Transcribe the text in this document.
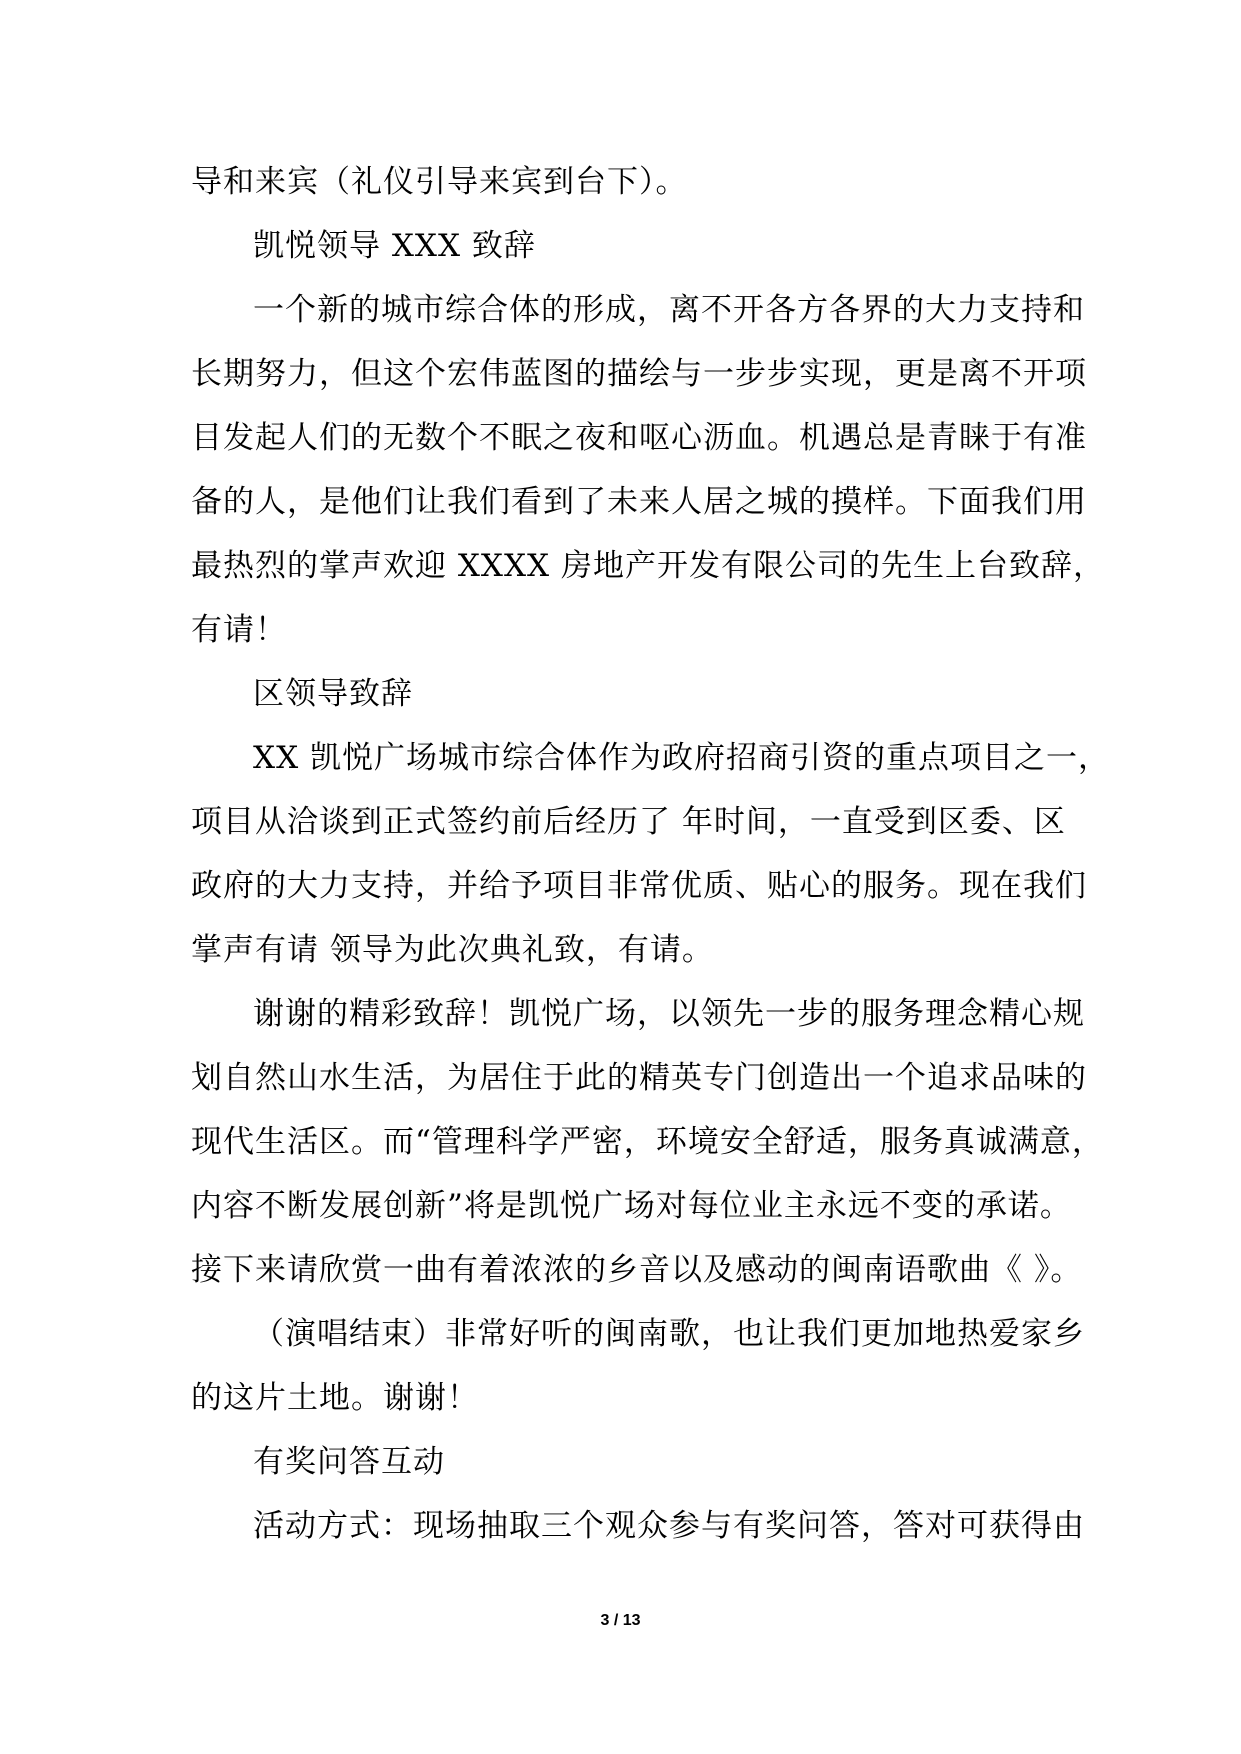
导和来宾（礼仪引导来宾到台下）。
凯悦领导 XXX 致辞
一个新的城市综合体的形成，离不开各方各界的大力支持和
长期努力，但这个宏伟蓝图的描绘与一步步实现，更是离不开项
目发起人们的无数个不眠之夜和呕心沥血。机遇总是青睐于有准
备的人，是他们让我们看到了未来人居之城的摸样。下面我们用
最热烈的掌声欢迎 XXXX 房地产开发有限公司的先生上台致辞，
有请！
区领导致辞
XX 凯悦广场城市综合体作为政府招商引资的重点项目之一，
项目从洽谈到正式签约前后经历了 年时间，一直受到区委、区
政府的大力支持，并给予项目非常优质、贴心的服务。现在我们
掌声有请 领导为此次典礼致，有请。
谢谢的精彩致辞！凯悦广场，以领先一步的服务理念精心规
划自然山水生活，为居住于此的精英专门创造出一个追求品味的
现代生活区。而“管理科学严密，环境安全舒适，服务真诚满意，
内容不断发展创新”将是凯悦广场对每位业主永远不变的承诺。
接下来请欣赏一曲有着浓浓的乡音以及感动的闽南语歌曲《 》。
（演唱结束）非常好听的闽南歌，也让我们更加地热爱家乡
的这片土地。谢谢！
有奖问答互动
活动方式：现场抽取三个观众参与有奖问答，答对可获得由
3 / 13
